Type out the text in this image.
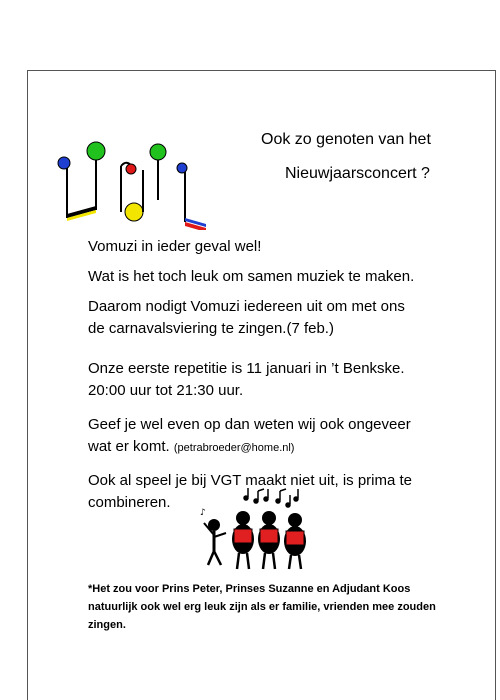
Ook zo genoten van het
Nieuwjaarsconcert ?
Vomuzi in ieder geval wel!
Wat is het toch leuk om samen muziek te maken.
Daarom nodigt Vomuzi iedereen uit om met ons
de carnavalsviering te zingen.(7 feb.)
Onze eerste repetitie is 11 januari in ’t Benkske.
20:00 uur tot 21:30 uur.
Geef je wel even op dan weten wij ook ongeveer
wat er komt. (petrabroeder@home.nl)
Ook al speel je bij VGT maakt niet uit, is prima te
combineren.
♪
*Het zou voor Prins Peter, Prinses Suzanne en Adjudant Koos
natuurlijk ook wel erg leuk zijn als er familie, vrienden mee zouden
zingen.
